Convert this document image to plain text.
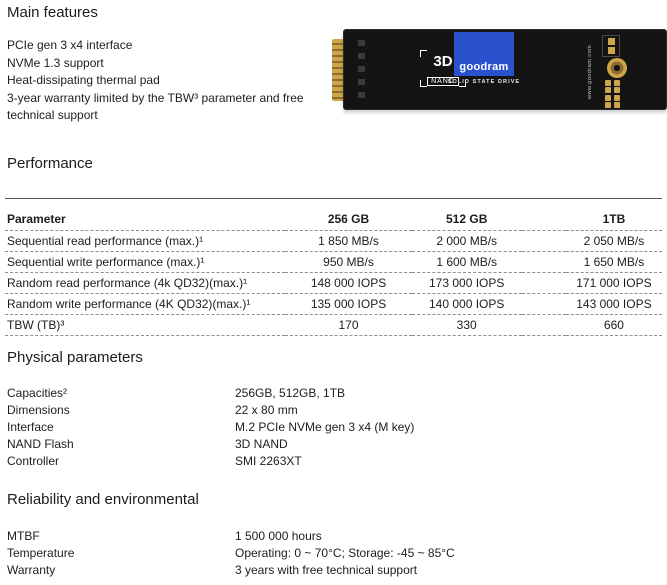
Main features
PCIe gen 3 x4 interface
NVMe 1.3 support
Heat-dissipating thermal pad
3-year warranty limited by the TBW³ parameter and free technical support
3D
NAND
goodram
SOLID STATE DRIVE	www.goodram.com
Performance
Parameter	256 GB	512 GB		1TB
Sequential read performance (max.)¹	1 850 MB/s	2 000 MB/s		2 050 MB/s
Sequential write performance (max.)¹	950 MB/s	1 600 MB/s		1 650 MB/s
Random read performance (4k QD32)(max.)¹	148 000 IOPS	173 000 IOPS		171 000 IOPS
Random write performance (4K QD32)(max.)¹	135 000 IOPS	140 000 IOPS		143 000 IOPS
TBW (TB)³	170	330		660
Physical parameters
Capacities²	256GB, 512GB, 1TB
Dimensions	22 x 80 mm
Interface	M.2 PCIe NVMe gen 3 x4 (M key)
NAND Flash	3D NAND
Controller	SMI 2263XT
Reliability and environmental
MTBF	1 500 000 hours
Temperature	Operating: 0 ~ 70°C; Storage: -45 ~ 85°C
Warranty	3 years with free technical support
